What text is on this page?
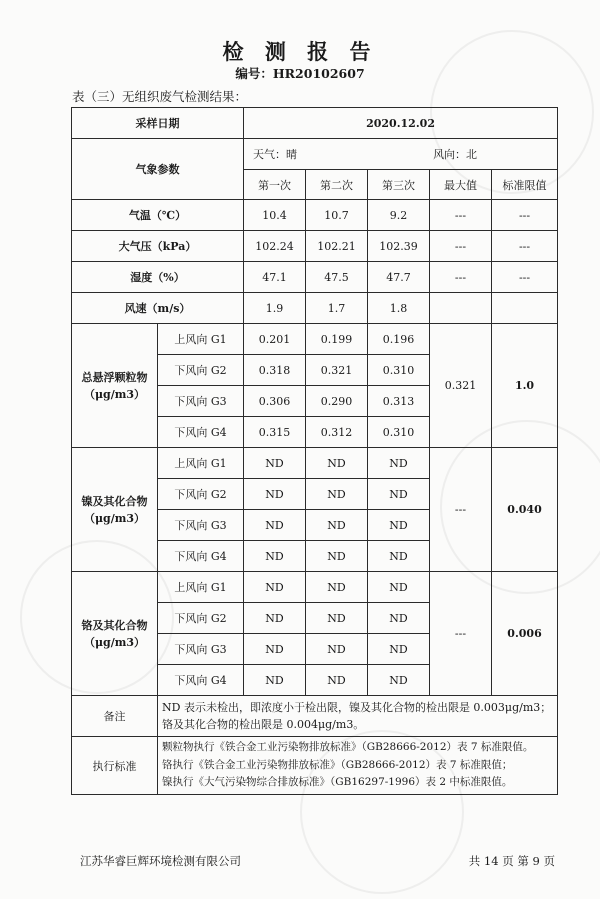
检 测 报 告
编号：HR20102607
表（三）无组织废气检测结果：
采样日期		2020.12.02				
气象参数		天气：晴 风向：北				

		第一次	第二次	第三次	最大值	标准限值
气温（℃）		10.4	10.7	9.2	---	---
大气压（kPa）		102.24	102.21	102.39	---	---
湿度（%）		47.1	47.5	47.7	---	---
风速（m/s）		1.9	1.7	1.8		

总悬浮颗粒物
（μg/m3）	上风向 G1	0.201	0.199	0.196	0.321	1.0
	下风向 G2	0.318	0.321	0.310		
	下风向 G3	0.306	0.290	0.313		
	下风向 G4	0.315	0.312	0.310		

镍及其化合物
（μg/m3）	上风向 G1	ND	ND	ND	---	0.040
	下风向 G2	ND	ND	ND		
	下风向 G3	ND	ND	ND		
	下风向 G4	ND	ND	ND		

铬及其化合物
（μg/m3）	上风向 G1	ND	ND	ND	---	0.006
	下风向 G2	ND	ND	ND		
	下风向 G3	ND	ND	ND		
	下风向 G4	ND	ND	ND		
备注	ND 表示未检出，即浓度小于检出限，镍及其化合物的检出限是 0.003μg/m3；铬及其化合物的检出限是 0.004μg/m3。					
执行标准	颗粒物执行《铁合金工业污染物排放标准》（GB28666-2012）表 7 标准限值。
铬执行《铁合金工业污染物排放标准》（GB28666-2012）表 7 标准限值；
镍执行《大气污染物综合排放标准》（GB16297-1996）表 2 中标准限值。					
江苏华睿巨辉环境检测有限公司	共 14 页 第 9 页
